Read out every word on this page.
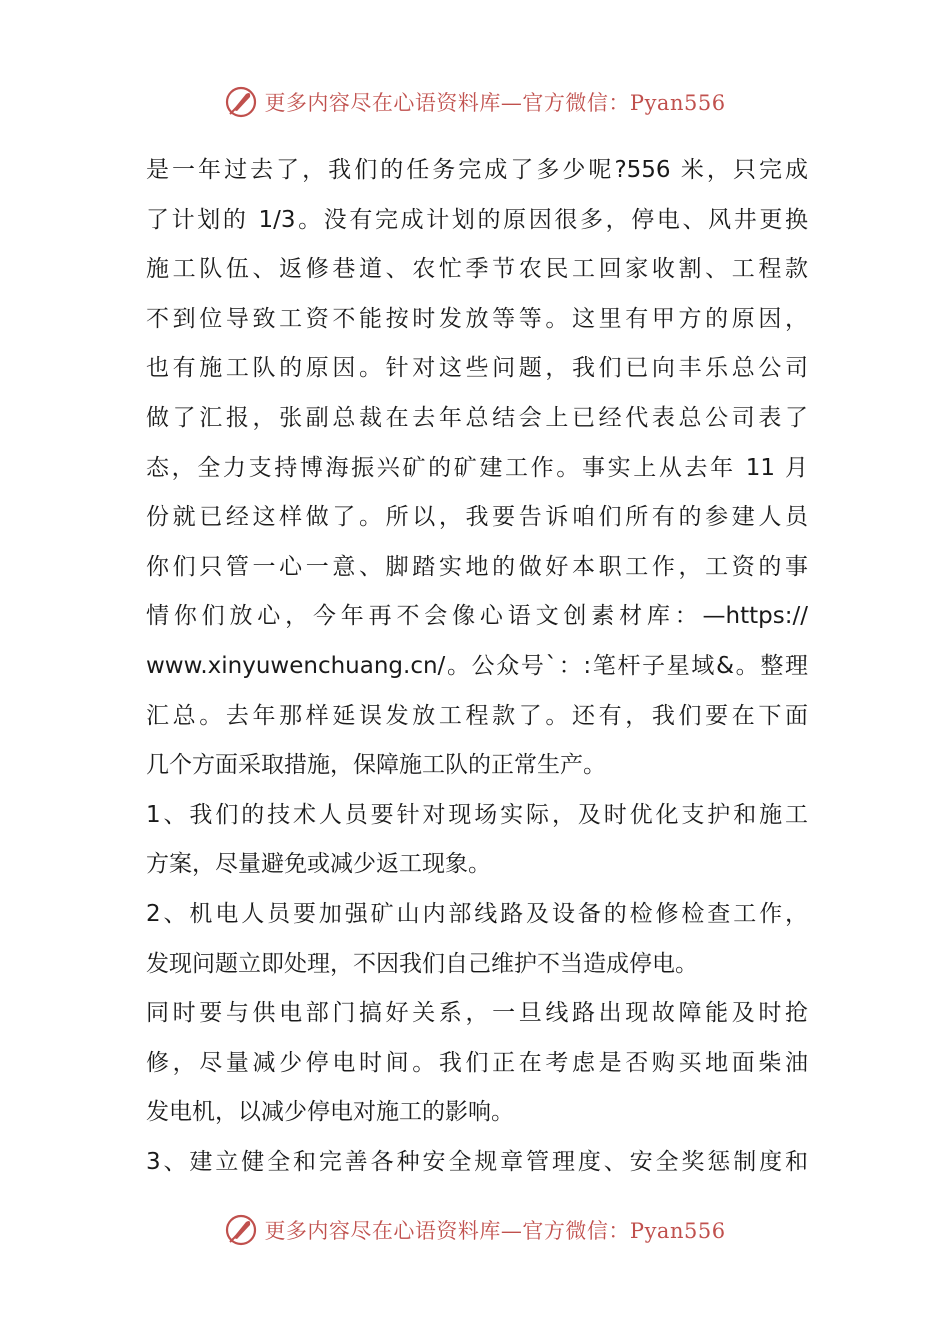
更多内容尽在心语资料库—官方微信：Pyan556
是一年过去了，我们的任务完成了多少呢?556 米，只完成
了计划的 1/3。没有完成计划的原因很多，停电、风井更换
施工队伍、返修巷道、农忙季节农民工回家收割、工程款
不到位导致工资不能按时发放等等。这里有甲方的原因，
也有施工队的原因。针对这些问题，我们已向丰乐总公司
做了汇报，张副总裁在去年总结会上已经代表总公司表了
态，全力支持博海振兴矿的矿建工作。事实上从去年 11 月
份就已经这样做了。所以，我要告诉咱们所有的参建人员
你们只管一心一意、脚踏实地的做好本职工作，工资的事
情你们放心，今年再不会像心语文创素材库：—https://
www.xinyuwenchuang.cn/。公众号`：:笔杆子星域&。整理
汇总。去年那样延误发放工程款了。还有，我们要在下面
几个方面采取措施，保障施工队的正常生产。
1、我们的技术人员要针对现场实际，及时优化支护和施工
方案，尽量避免或减少返工现象。
2、机电人员要加强矿山内部线路及设备的检修检查工作，
发现问题立即处理，不因我们自己维护不当造成停电。
同时要与供电部门搞好关系，一旦线路出现故障能及时抢
修，尽量减少停电时间。我们正在考虑是否购买地面柴油
发电机，以减少停电对施工的影响。
3、建立健全和完善各种安全规章管理度、安全奖惩制度和
更多内容尽在心语资料库—官方微信：Pyan556
